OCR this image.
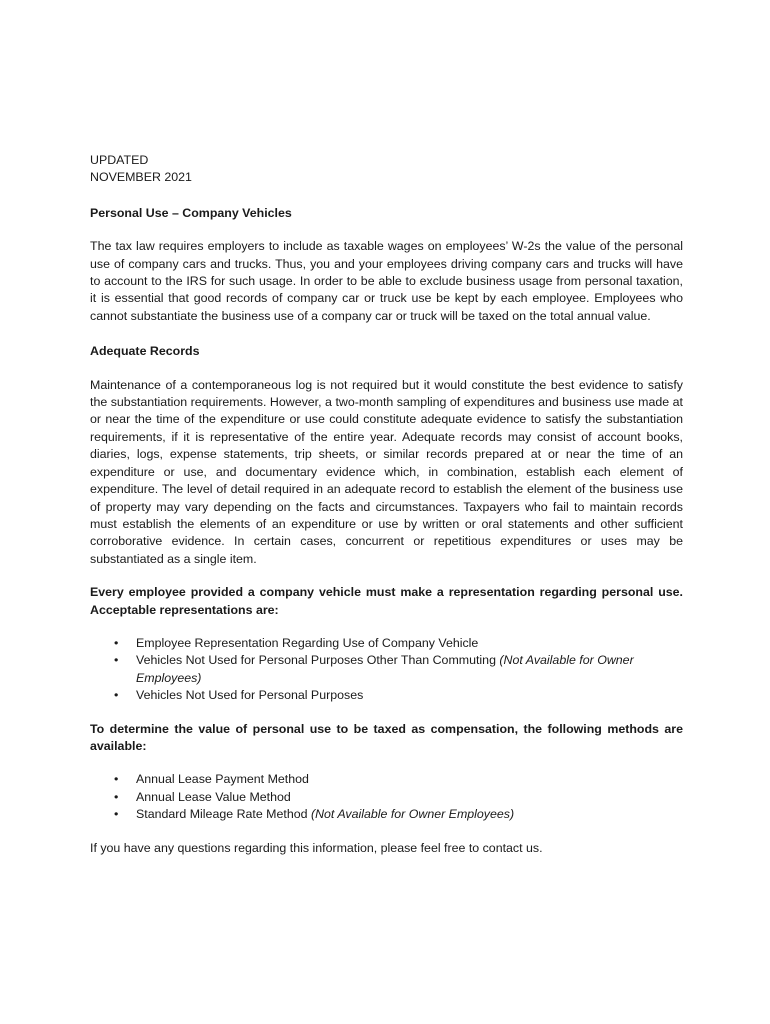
UPDATED
NOVEMBER 2021
Personal Use – Company Vehicles

The tax law requires employers to include as taxable wages on employees’ W-2s the value of the personal use of company cars and trucks. Thus, you and your employees driving company cars and trucks will have to account to the IRS for such usage. In order to be able to exclude business usage from personal taxation, it is essential that good records of company car or truck use be kept by each employee. Employees who cannot substantiate the business use of a company car or truck will be taxed on the total annual value.

Adequate Records

Maintenance of a contemporaneous log is not required but it would constitute the best evidence to satisfy the substantiation requirements. However, a two-month sampling of expenditures and business use made at or near the time of the expenditure or use could constitute adequate evidence to satisfy the substantiation requirements, if it is representative of the entire year. Adequate records may consist of account books, diaries, logs, expense statements, trip sheets, or similar records prepared at or near the time of an expenditure or use, and documentary evidence which, in combination, establish each element of expenditure. The level of detail required in an adequate record to establish the element of the business use of property may vary depending on the facts and circumstances. Taxpayers who fail to maintain records must establish the elements of an expenditure or use by written or oral statements and other sufficient corroborative evidence. In certain cases, concurrent or repetitious expenditures or uses may be substantiated as a single item.

Every employee provided a company vehicle must make a representation regarding personal use. Acceptable representations are:

• Employee Representation Regarding Use of Company Vehicle
• Vehicles Not Used for Personal Purposes Other Than Commuting (Not Available for Owner Employees)
• Vehicles Not Used for Personal Purposes

To determine the value of personal use to be taxed as compensation, the following methods are available:

• Annual Lease Payment Method
• Annual Lease Value Method
• Standard Mileage Rate Method (Not Available for Owner Employees)

If you have any questions regarding this information, please feel free to contact us.
